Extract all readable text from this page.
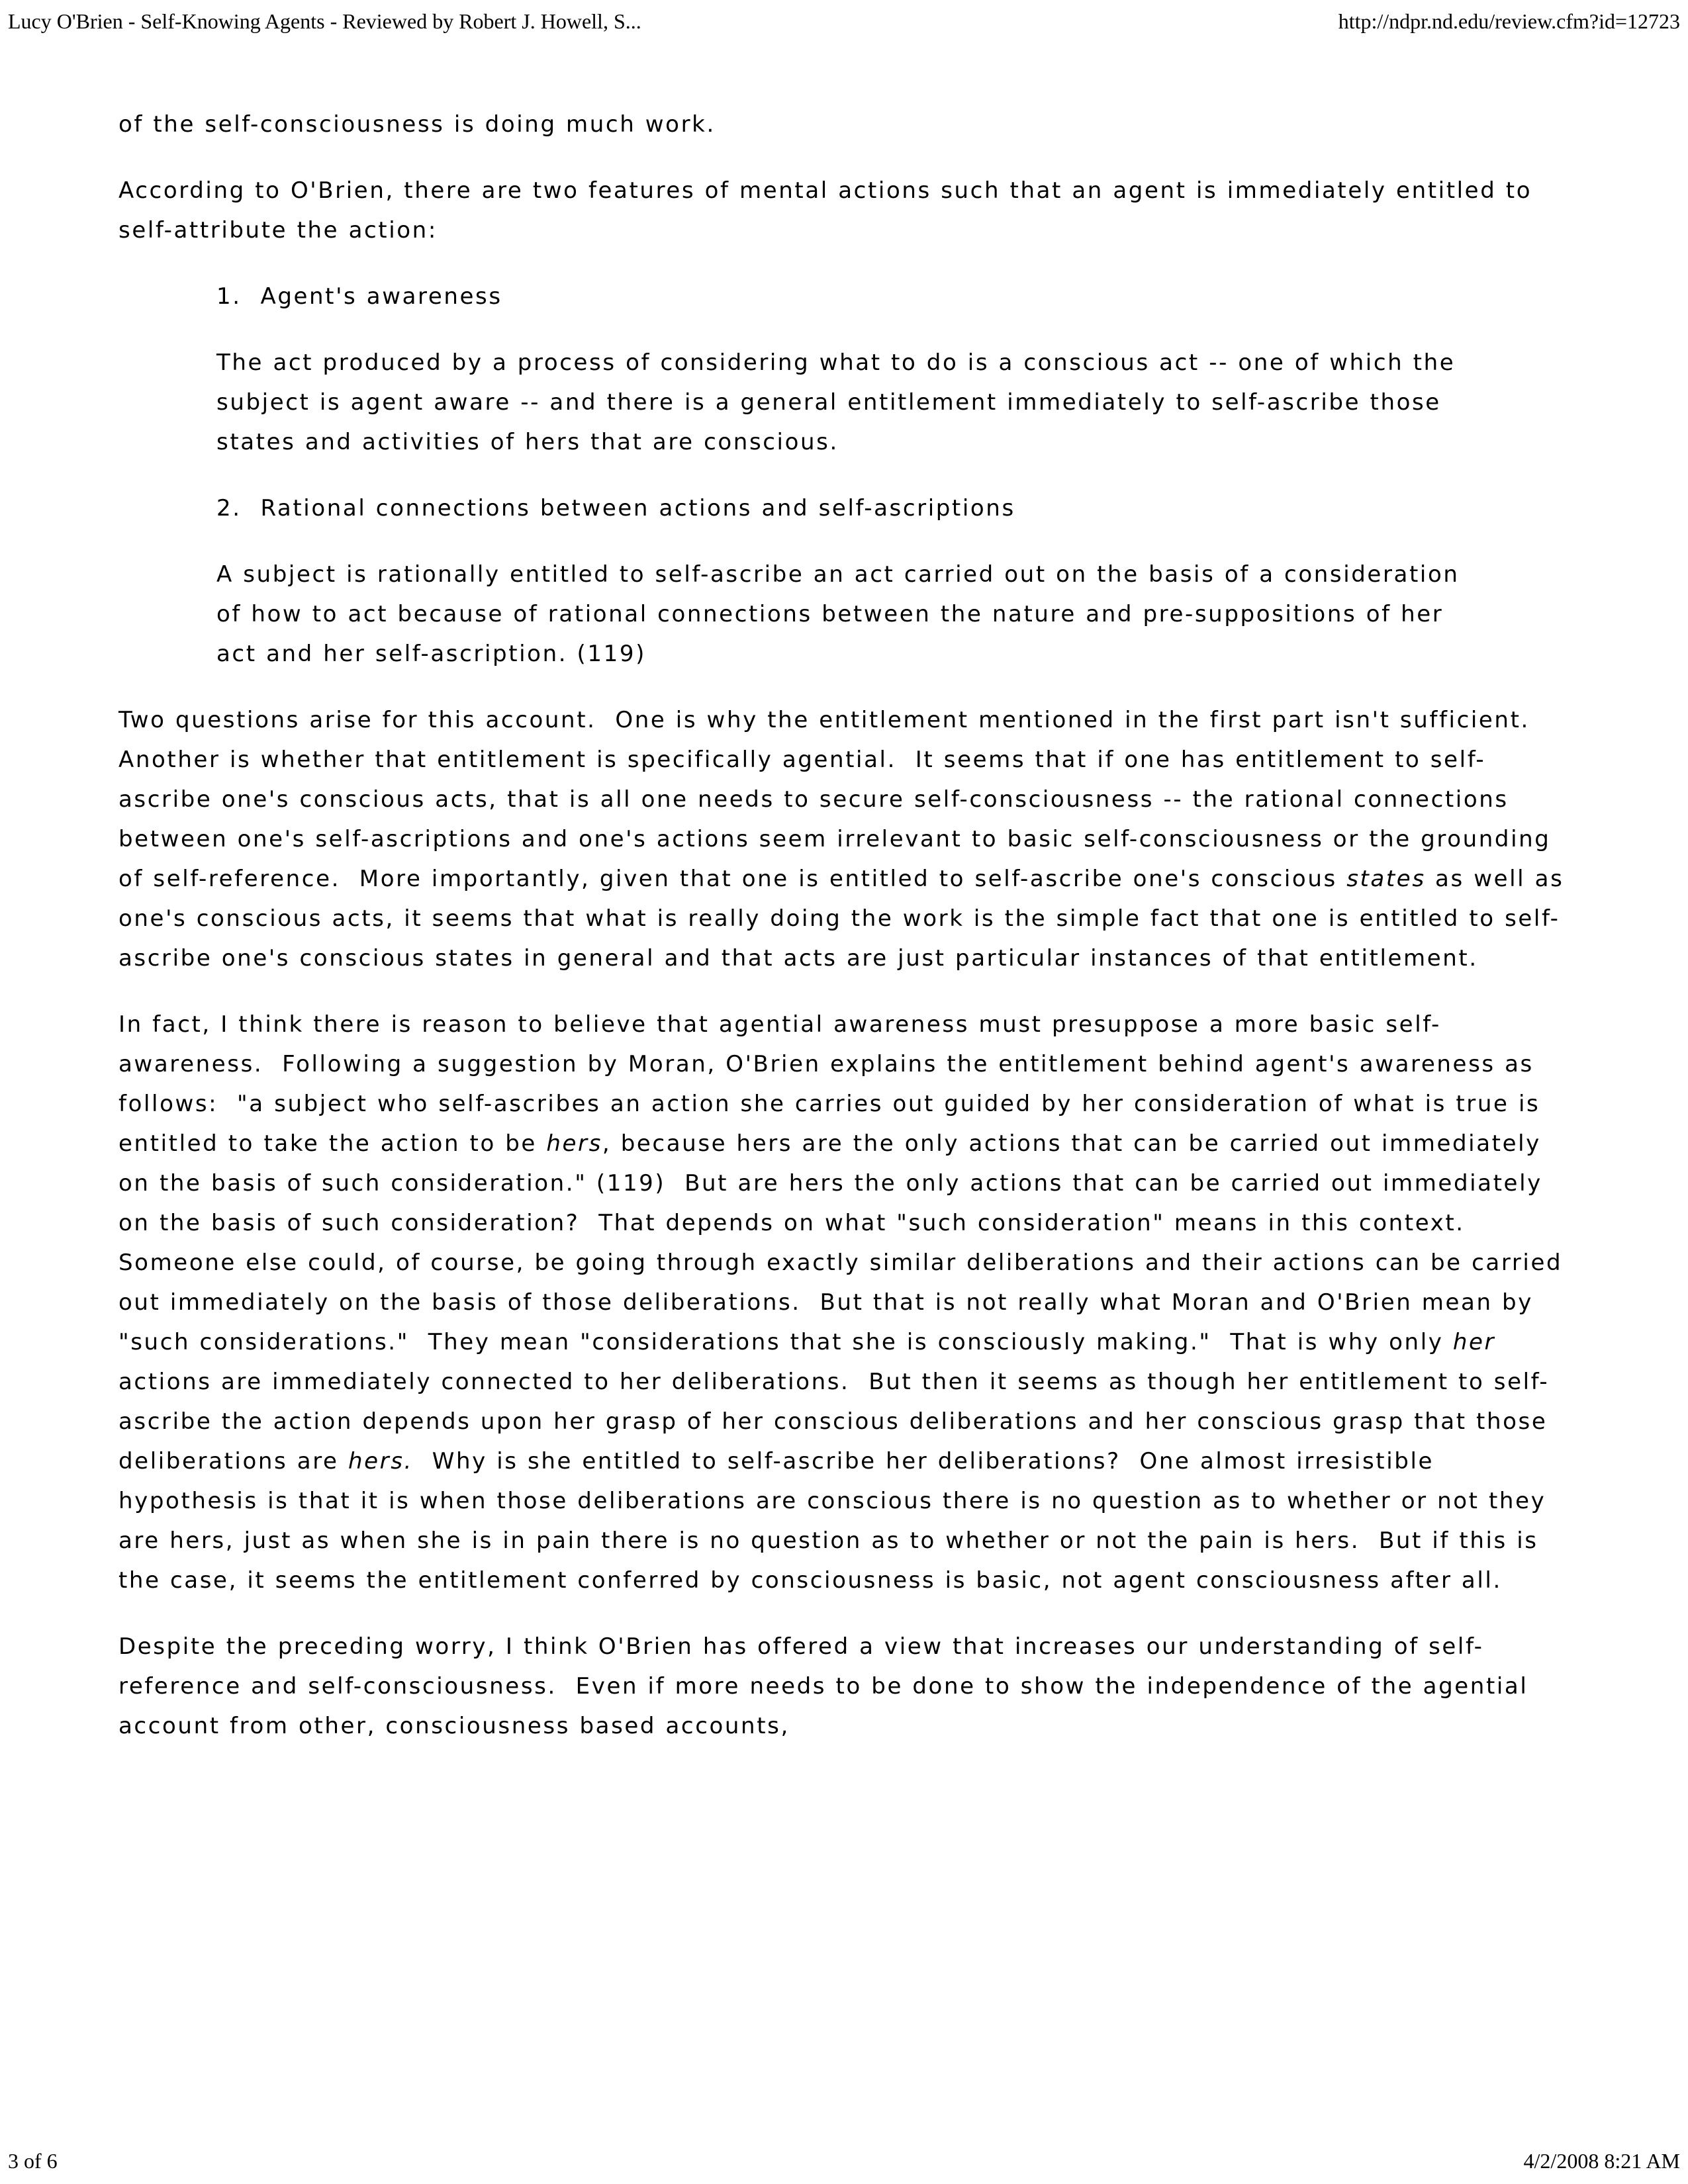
Lucy O'Brien - Self-Knowing Agents - Reviewed by Robert J. Howell, S...	http://ndpr.nd.edu/review.cfm?id=12723

of the self-consciousness is doing much work.

According to O'Brien, there are two features of mental actions such that an agent is immediately entitled to self-attribute the action:

1.  Agent's awareness

The act produced by a process of considering what to do is a conscious act -- one of which the subject is agent aware -- and there is a general entitlement immediately to self-ascribe those states and activities of hers that are conscious.

2.  Rational connections between actions and self-ascriptions

A subject is rationally entitled to self-ascribe an act carried out on the basis of a consideration of how to act because of rational connections between the nature and pre-suppositions of her act and her self-ascription. (119)

Two questions arise for this account.  One is why the entitlement mentioned in the first part isn't sufficient.  Another is whether that entitlement is specifically agential.  It seems that if one has entitlement to self-ascribe one's conscious acts, that is all one needs to secure self-consciousness -- the rational connections between one's self-ascriptions and one's actions seem irrelevant to basic self-consciousness or the grounding of self-reference.  More importantly, given that one is entitled to self-ascribe one's conscious states as well as one's conscious acts, it seems that what is really doing the work is the simple fact that one is entitled to self-ascribe one's conscious states in general and that acts are just particular instances of that entitlement.

In fact, I think there is reason to believe that agential awareness must presuppose a more basic self-awareness.  Following a suggestion by Moran, O'Brien explains the entitlement behind agent's awareness as follows:  "a subject who self-ascribes an action she carries out guided by her consideration of what is true is entitled to take the action to be hers, because hers are the only actions that can be carried out immediately on the basis of such consideration." (119)  But are hers the only actions that can be carried out immediately on the basis of such consideration?  That depends on what "such consideration" means in this context.  Someone else could, of course, be going through exactly similar deliberations and their actions can be carried out immediately on the basis of those deliberations.  But that is not really what Moran and O'Brien mean by "such considerations."  They mean "considerations that she is consciously making."  That is why only her actions are immediately connected to her deliberations.  But then it seems as though her entitlement to self-ascribe the action depends upon her grasp of her conscious deliberations and her conscious grasp that those deliberations are hers.  Why is she entitled to self-ascribe her deliberations?  One almost irresistible hypothesis is that it is when those deliberations are conscious there is no question as to whether or not they are hers, just as when she is in pain there is no question as to whether or not the pain is hers.  But if this is the case, it seems the entitlement conferred by consciousness is basic, not agent consciousness after all.

Despite the preceding worry, I think O'Brien has offered a view that increases our understanding of self-reference and self-consciousness.  Even if more needs to be done to show the independence of the agential account from other, consciousness based accounts,

3 of 6	4/2/2008 8:21 AM
